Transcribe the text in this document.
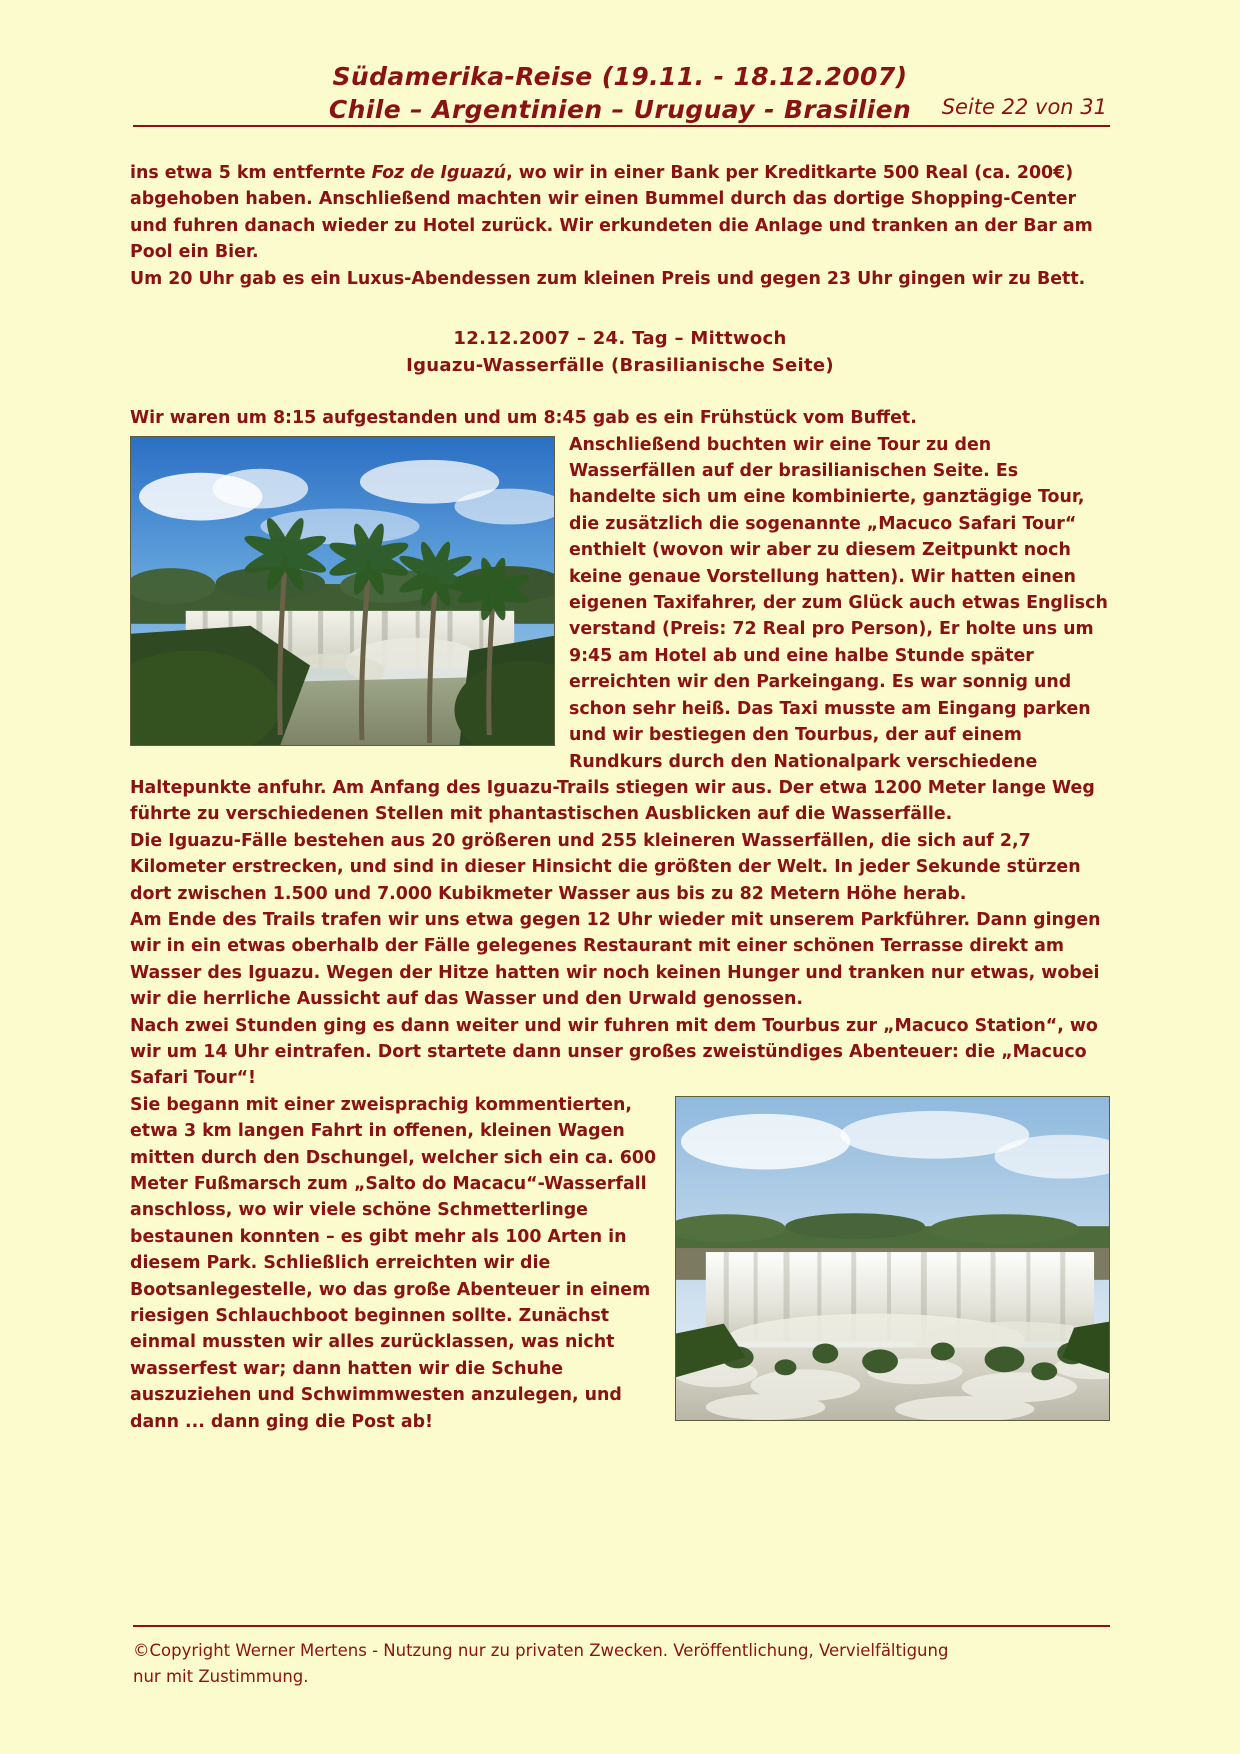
Südamerika-Reise (19.11. - 18.12.2007)
Chile – Argentinien – Uruguay - Brasilien	Seite 22 von 31

ins etwa 5 km entfernte Foz de Iguazú, wo wir in einer Bank per Kreditkarte 500 Real (ca. 200€) abgehoben haben. Anschließend machten wir einen Bummel durch das dortige Shopping-Center und fuhren danach wieder zu Hotel zurück. Wir erkundeten die Anlage und tranken an der Bar am Pool ein Bier.

Um 20 Uhr gab es ein Luxus-Abendessen zum kleinen Preis und gegen 23 Uhr gingen wir zu Bett.

12.12.2007 – 24. Tag – Mittwoch
Iguazu-Wasserfälle (Brasilianische Seite)

Wir waren um 8:15 aufgestanden und um 8:45 gab es ein Frühstück vom Buffet.

Anschließend buchten wir eine Tour zu den Wasserfällen auf der brasilianischen Seite. Es handelte sich um eine kombinierte, ganztägige Tour, die zusätzlich die sogenannte „Macuco Safari Tour“ enthielt (wovon wir aber zu diesem Zeitpunkt noch keine genaue Vorstellung hatten). Wir hatten einen eigenen Taxifahrer, der zum Glück auch etwas Englisch verstand (Preis: 72 Real pro Person), Er holte uns um 9:45 am Hotel ab und eine halbe Stunde später erreichten wir den Parkeingang. Es war sonnig und schon sehr heiß. Das Taxi musste am Eingang parken und wir bestiegen den Tourbus, der auf einem Rundkurs durch den Nationalpark verschiedene Haltepunkte anfuhr. Am Anfang des Iguazu-Trails stiegen wir aus. Der etwa 1200 Meter lange Weg führte zu verschiedenen Stellen mit phantastischen Ausblicken auf die Wasserfälle.

Die Iguazu-Fälle bestehen aus 20 größeren und 255 kleineren Wasserfällen, die sich auf 2,7 Kilometer erstrecken, und sind in dieser Hinsicht die größten der Welt. In jeder Sekunde stürzen dort zwischen 1.500 und 7.000 Kubikmeter Wasser aus bis zu 82 Metern Höhe herab.

Am Ende des Trails trafen wir uns etwa gegen 12 Uhr wieder mit unserem Parkführer. Dann gingen wir in ein etwas oberhalb der Fälle gelegenes Restaurant mit einer schönen Terrasse direkt am Wasser des Iguazu. Wegen der Hitze hatten wir noch keinen Hunger und tranken nur etwas, wobei wir die herrliche Aussicht auf das Wasser und den Urwald genossen.

Nach zwei Stunden ging es dann weiter und wir fuhren mit dem Tourbus zur „Macuco Station“, wo wir um 14 Uhr eintrafen. Dort startete dann unser großes zweistündiges Abenteuer: die „Macuco Safari Tour“!

Sie begann mit einer zweisprachig kommentierten, etwa 3 km langen Fahrt in offenen, kleinen Wagen mitten durch den Dschungel, welcher sich ein ca. 600 Meter Fußmarsch zum „Salto do Macacu“-Wasserfall anschloss, wo wir viele schöne Schmetterlinge bestaunen konnten – es gibt mehr als 100 Arten in diesem Park. Schließlich erreichten wir die Bootsanlegestelle, wo das große Abenteuer in einem riesigen Schlauchboot beginnen sollte. Zunächst einmal mussten wir alles zurücklassen, was nicht wasserfest war; dann hatten wir die Schuhe auszuziehen und Schwimmwesten anzulegen, und dann ... dann ging die Post ab!

©Copyright Werner Mertens - Nutzung nur zu privaten Zwecken. Veröffentlichung, Vervielfältigung nur mit Zustimmung.
